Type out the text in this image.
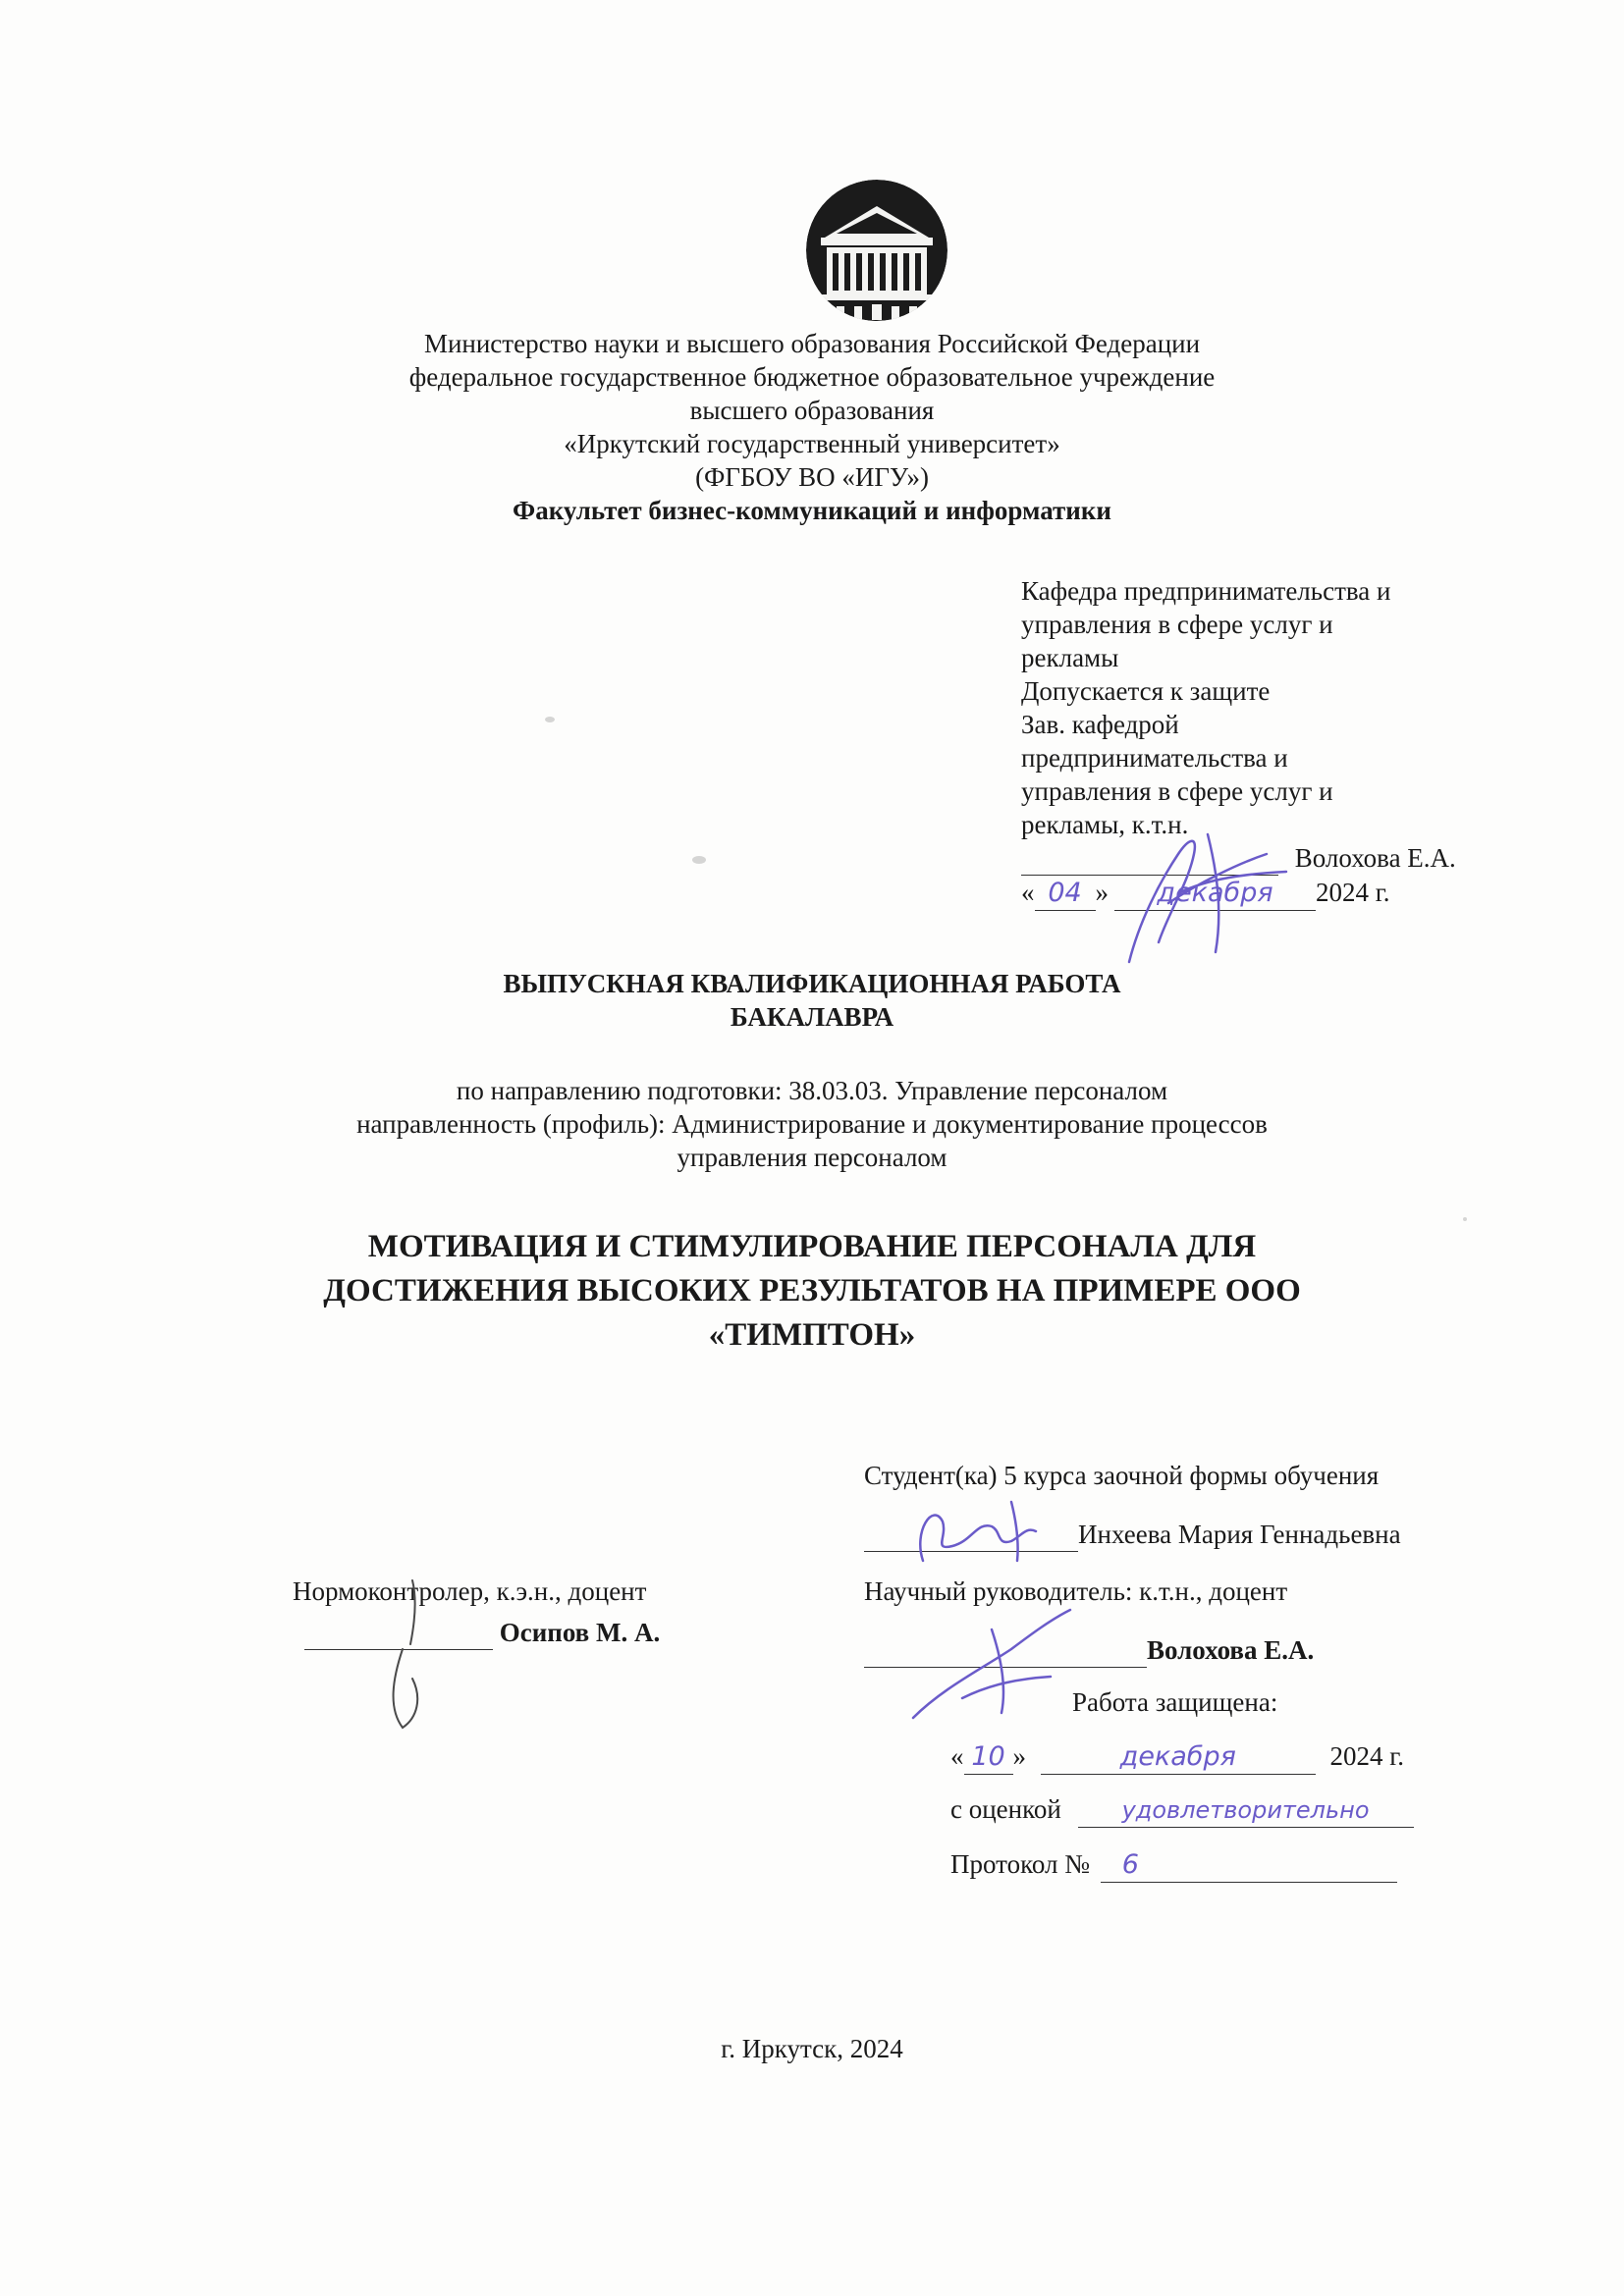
Министерство науки и высшего образования Российской Федерации

федеральное государственное бюджетное образовательное учреждение

высшего образования

«Иркутский государственный университет»

(ФГБОУ ВО «ИГУ»)

Факультет бизнес-коммуникаций и информатики

Кафедра предпринимательства и
управления в сфере услуг и
рекламы
Допускается к защите
Зав. кафедрой
предпринимательства и
управления в сфере услуг и
рекламы, к.т.н.
Волохова Е.А.
« 04 » декабря 2024 г.
ВЫПУСКНАЯ КВАЛИФИКАЦИОННАЯ РАБОТА
БАКАЛАВРА

по направлению подготовки: 38.03.03. Управление персоналом

направленность (профиль): Администрирование и документирование процессов

управления персоналом

МОТИВАЦИЯ И СТИМУЛИРОВАНИЕ ПЕРСОНАЛА ДЛЯ
ДОСТИЖЕНИЯ ВЫСОКИХ РЕЗУЛЬТАТОВ НА ПРИМЕРЕ ООО
«ТИМПТОН»
Студент(ка) 5 курса заочной формы обучения
Инхеева Мария Геннадьевна
Нормоконтролер, к.э.н., доцент
Осипов М. А.
Научный руководитель: к.т.н., доцент
Волохова Е.А.
Работа защищена:
« 10 »	декабря	2024 г.
с оценкой	удовлетворительно
Протокол № 6

г. Иркутск, 2024
